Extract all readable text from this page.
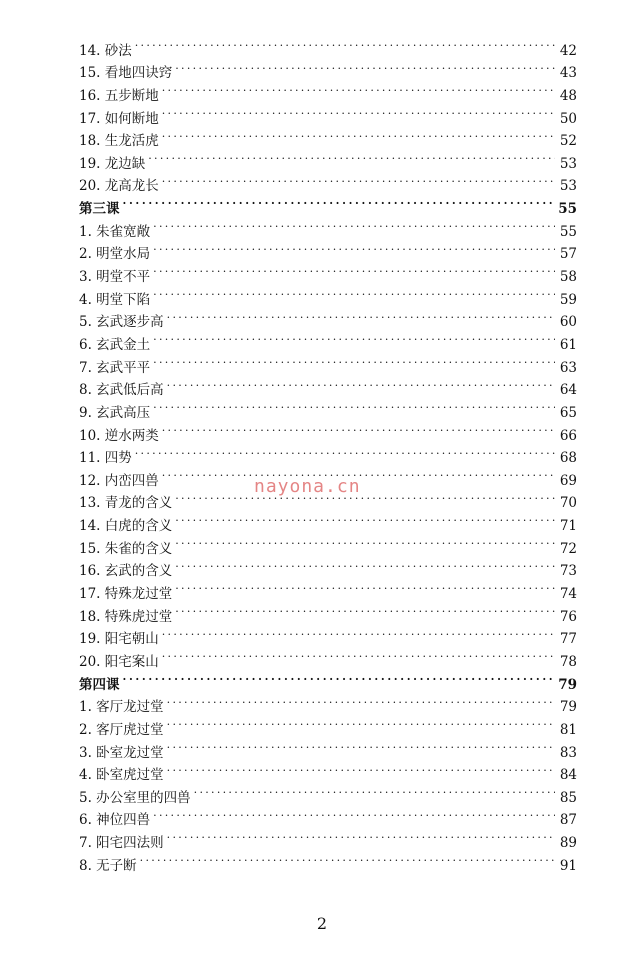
14. 砂法 . . .	42
15. 看地四诀窍 . . .	43
16. 五步断地 . . .	48
17. 如何断地 . . .	50
18. 生龙活虎 . . .	52
19. 龙边缺 . . .	53
20. 龙高龙长 . . .	53
第三课 . . .	55
1. 朱雀宽敞 . . .	55
2. 明堂水局 . . .	57
3. 明堂不平 . . .	58
4. 明堂下陷 . . .	59
5. 玄武逐步高 . . .	60
6. 玄武金土 . . .	61
7. 玄武平平 . . .	63
8. 玄武低后高 . . .	64
9. 玄武高压 . . .	65
10. 逆水两类 . . .	66
11. 四势 . . .	68
12. 内峦四兽 . . .	69
13. 青龙的含义 . . .	70
14. 白虎的含义 . . .	71
15. 朱雀的含义 . . .	72
16. 玄武的含义 . . .	73
17. 特殊龙过堂 . . .	74
18. 特殊虎过堂 . . .	76
19. 阳宅朝山 . . .	77
20. 阳宅案山 . . .	78
第四课 . . .	79
1. 客厅龙过堂 . . .	79
2. 客厅虎过堂 . . .	81
3. 卧室龙过堂 . . .	83
4. 卧室虎过堂 . . .	84
5. 办公室里的四兽 . . .	85
6. 神位四兽 . . .	87
7. 阳宅四法则 . . .	89
8. 无子断 . . .	91
nayona.cn
2
